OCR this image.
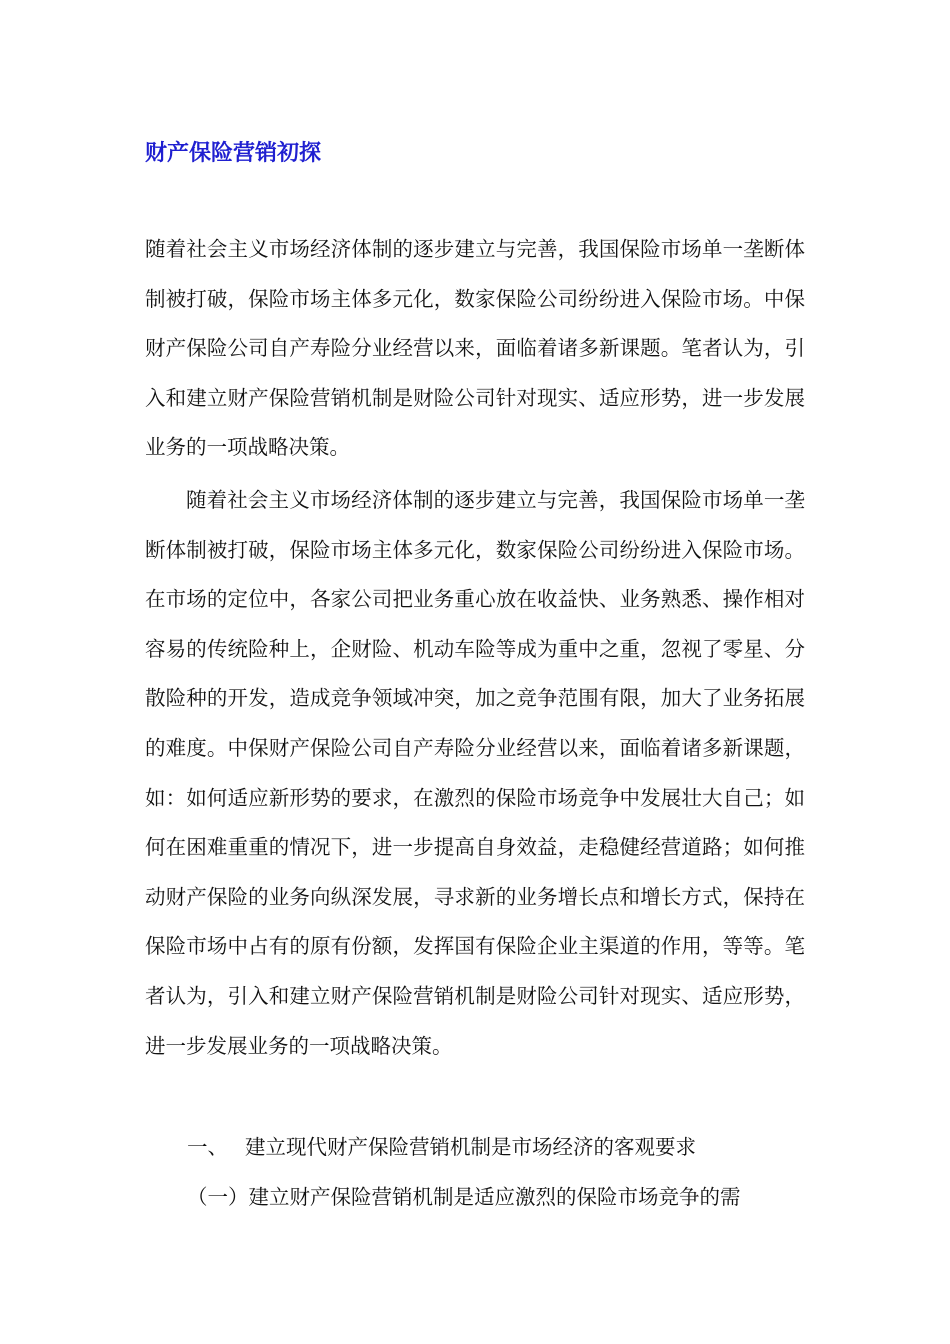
财产保险营销初探

随着社会主义市场经济体制的逐步建立与完善，我国保险市场单一垄断体制被打破，保险市场主体多元化，数家保险公司纷纷进入保险市场。中保财产保险公司自产寿险分业经营以来，面临着诸多新课题。笔者认为，引入和建立财产保险营销机制是财险公司针对现实、适应形势，进一步发展业务的一项战略决策。

随着社会主义市场经济体制的逐步建立与完善，我国保险市场单一垄断体制被打破，保险市场主体多元化，数家保险公司纷纷进入保险市场。在市场的定位中，各家公司把业务重心放在收益快、业务熟悉、操作相对容易的传统险种上，企财险、机动车险等成为重中之重，忽视了零星、分散险种的开发，造成竞争领域冲突，加之竞争范围有限，加大了业务拓展的难度。中保财产保险公司自产寿险分业经营以来，面临着诸多新课题，如：如何适应新形势的要求，在激烈的保险市场竞争中发展壮大自己；如何在困难重重的情况下，进一步提高自身效益，走稳健经营道路；如何推动财产保险的业务向纵深发展，寻求新的业务增长点和增长方式，保持在保险市场中占有的原有份额，发挥国有保险企业主渠道的作用，等等。笔者认为，引入和建立财产保险营销机制是财险公司针对现实、适应形势，进一步发展业务的一项战略决策。

一、 建立现代财产保险营销机制是市场经济的客观要求
（一）建立财产保险营销机制是适应激烈的保险市场竞争的需
